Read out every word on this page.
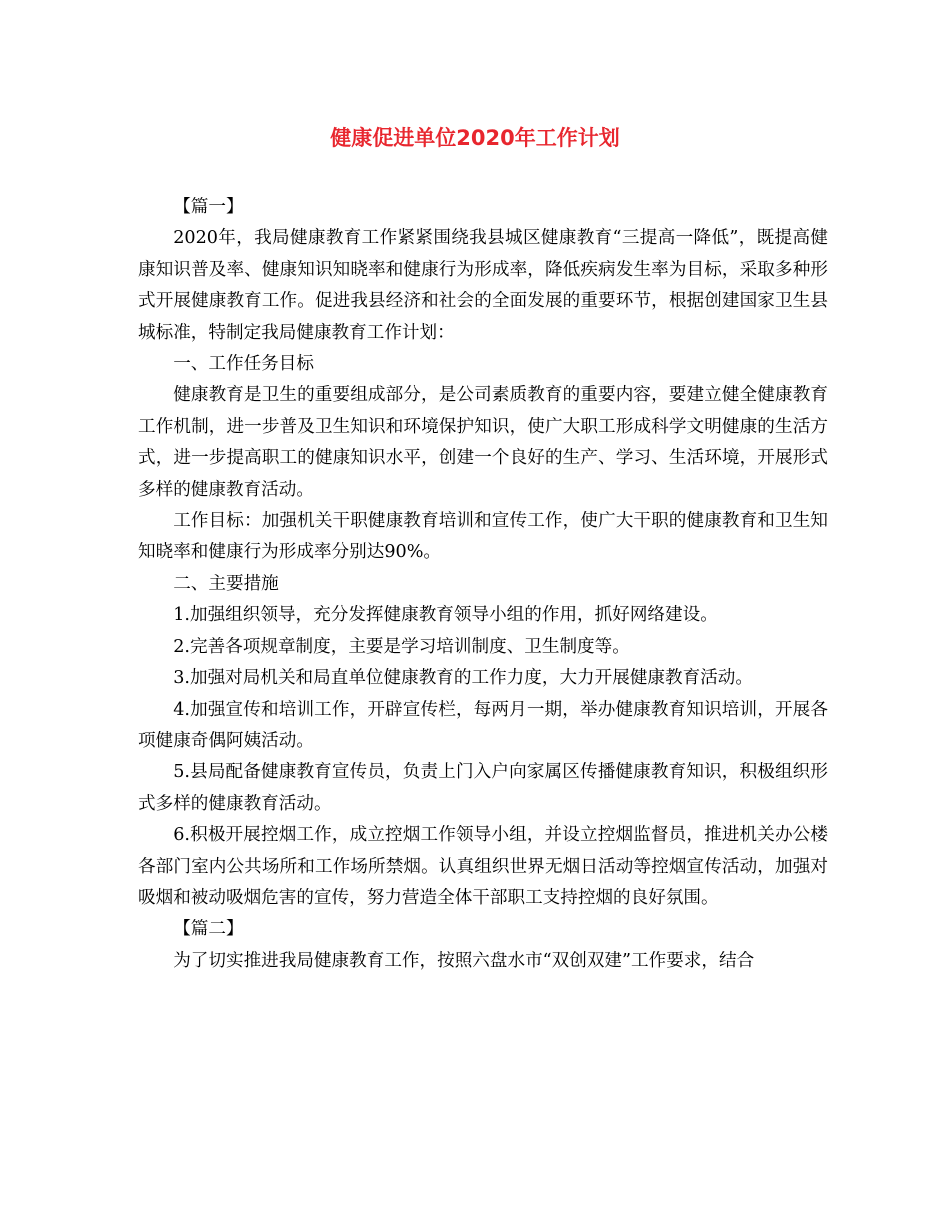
健康促进单位2020年工作计划

【篇一】

2020年，我局健康教育工作紧紧围绕我县城区健康教育“三提高一降低”，既提高健康知识普及率、健康知识知晓率和健康行为形成率，降低疾病发生率为目标，采取多种形式开展健康教育工作。促进我县经济和社会的全面发展的重要环节，根据创建国家卫生县城标准，特制定我局健康教育工作计划：

一、工作任务目标

健康教育是卫生的重要组成部分，是公司素质教育的重要内容，要建立健全健康教育工作机制，进一步普及卫生知识和环境保护知识，使广大职工形成科学文明健康的生活方式，进一步提高职工的健康知识水平，创建一个良好的生产、学习、生活环境，开展形式多样的健康教育活动。

工作目标：加强机关干职健康教育培训和宣传工作，使广大干职的健康教育和卫生知知晓率和健康行为形成率分别达90%。

二、主要措施

1.加强组织领导，充分发挥健康教育领导小组的作用，抓好网络建设。

2.完善各项规章制度，主要是学习培训制度、卫生制度等。

3.加强对局机关和局直单位健康教育的工作力度，大力开展健康教育活动。

4.加强宣传和培训工作，开辟宣传栏，每两月一期，举办健康教育知识培训，开展各项健康奇偶阿姨活动。

5.县局配备健康教育宣传员，负责上门入户向家属区传播健康教育知识，积极组织形式多样的健康教育活动。

6.积极开展控烟工作，成立控烟工作领导小组，并设立控烟监督员，推进机关办公楼各部门室内公共场所和工作场所禁烟。认真组织世界无烟日活动等控烟宣传活动，加强对吸烟和被动吸烟危害的宣传，努力营造全体干部职工支持控烟的良好氛围。

【篇二】

为了切实推进我局健康教育工作，按照六盘水市“双创双建”工作要求，结合
